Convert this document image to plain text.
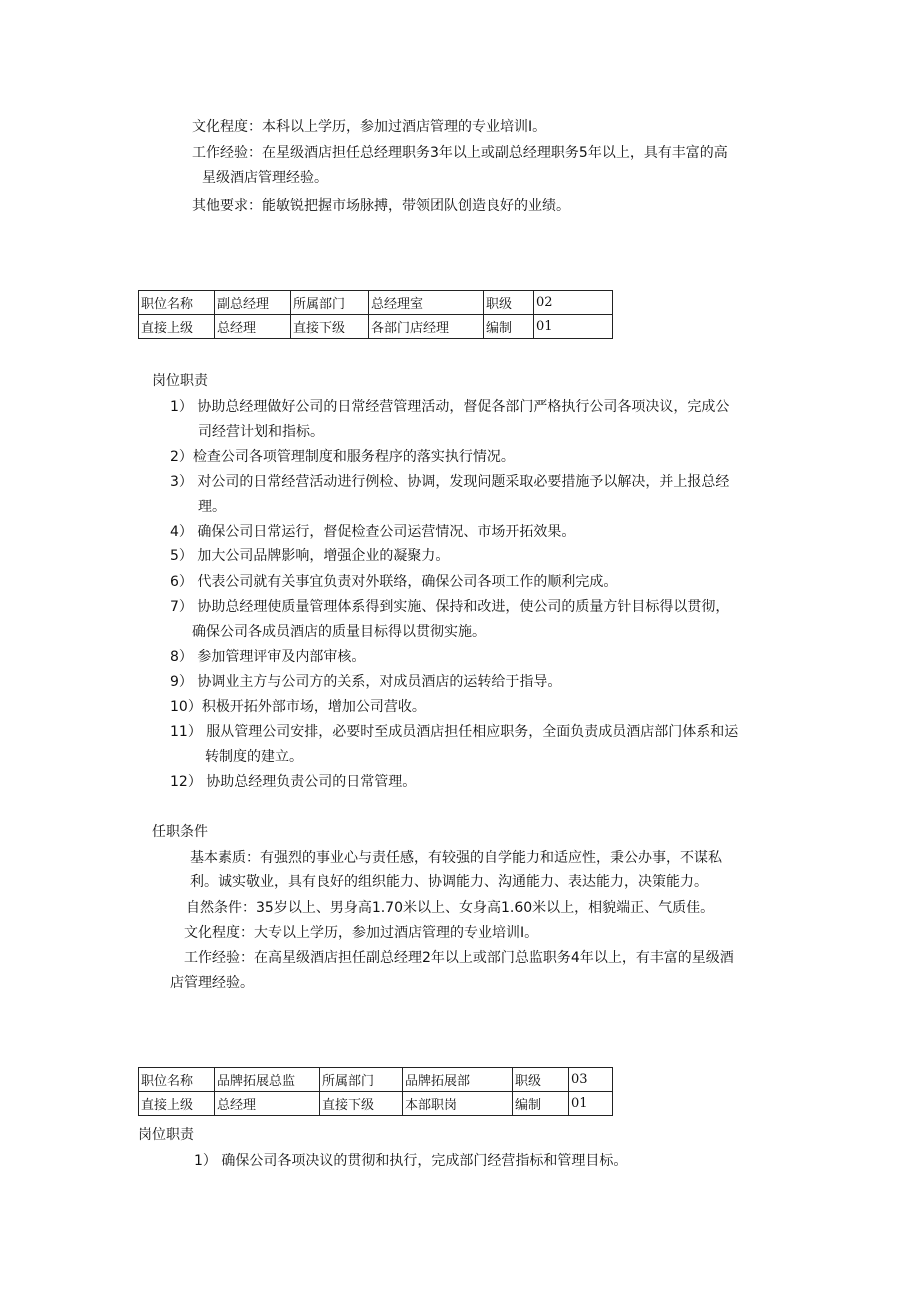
文化程度：本科以上学历，参加过酒店管理的专业培训I。
工作经验：在星级酒店担任总经理职务3年以上或副总经理职务5年以上，具有丰富的高
星级酒店管理经验。
其他要求：能敏锐把握市场脉搏，带领团队创造良好的业绩。
职位名称	副总经理	所属部门	总经理室	职级	02
直接上级	总经理	直接下级	各部门店经理	编制	01
岗位职责
1） 协助总经理做好公司的日常经营管理活动，督促各部门严格执行公司各项决议，完成公
司经营计划和指标。
2）检查公司各项管理制度和服务程序的落实执行情况。
3） 对公司的日常经营活动进行例检、协调，发现问题采取必要措施予以解决，并上报总经
理。
4） 确保公司日常运行，督促检查公司运营情况、市场开拓效果。
5） 加大公司品牌影响，增强企业的凝聚力。
6） 代表公司就有关事宜负责对外联络，确保公司各项工作的顺利完成。
7） 协助总经理使质量管理体系得到实施、保持和改进，使公司的质量方针目标得以贯彻，
确保公司各成员酒店的质量目标得以贯彻实施。
8） 参加管理评审及内部审核。
9） 协调业主方与公司方的关系，对成员酒店的运转给于指导。
10）积极开拓外部市场，增加公司营收。
11） 服从管理公司安排，必要时至成员酒店担任相应职务，全面负责成员酒店部门体系和运
转制度的建立。
12） 协助总经理负责公司的日常管理。
任职条件
基本素质：有强烈的事业心与责任感，有较强的自学能力和适应性，秉公办事，不谋私
利。诚实敬业，具有良好的组织能力、协调能力、沟通能力、表达能力，决策能力。
自然条件：35岁以上、男身高1.70米以上、女身高1.60米以上，相貌端正、气质佳。
文化程度：大专以上学历，参加过酒店管理的专业培训I。
工作经验：在高星级酒店担任副总经理2年以上或部门总监职务4年以上，有丰富的星级酒
店管理经验。
职位名称	品牌拓展总监	所属部门	品牌拓展部	职级	03
直接上级	总经理	直接下级	本部职岗	编制	01
岗位职责
1） 确保公司各项决议的贯彻和执行，完成部门经营指标和管理目标。
